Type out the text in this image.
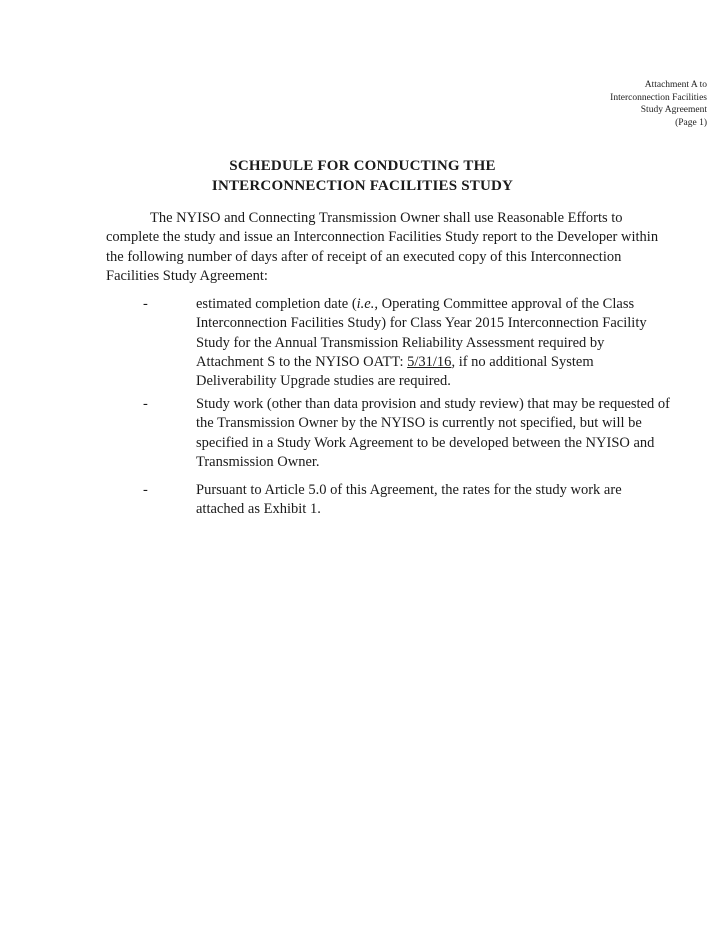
Attachment A to
Interconnection Facilities
Study Agreement
(Page 1)
SCHEDULE FOR CONDUCTING THE
INTERCONNECTION FACILITIES STUDY
The NYISO and Connecting Transmission Owner shall use Reasonable Efforts to
complete the study and issue an Interconnection Facilities Study report to the Developer within
the following number of days after of receipt of an executed copy of this Interconnection
Facilities Study Agreement:
-	estimated completion date (i.e., Operating Committee approval of the Class
Interconnection Facilities Study) for Class Year 2015 Interconnection Facility
Study for the Annual Transmission Reliability Assessment required by
Attachment S to the NYISO OATT: 5/31/16, if no additional System
Deliverability Upgrade studies are required.
-	Study work (other than data provision and study review) that may be requested of
the Transmission Owner by the NYISO is currently not specified, but will be
specified in a Study Work Agreement to be developed between the NYISO and
Transmission Owner.
-	Pursuant to Article 5.0 of this Agreement, the rates for the study work are
attached as Exhibit 1.
